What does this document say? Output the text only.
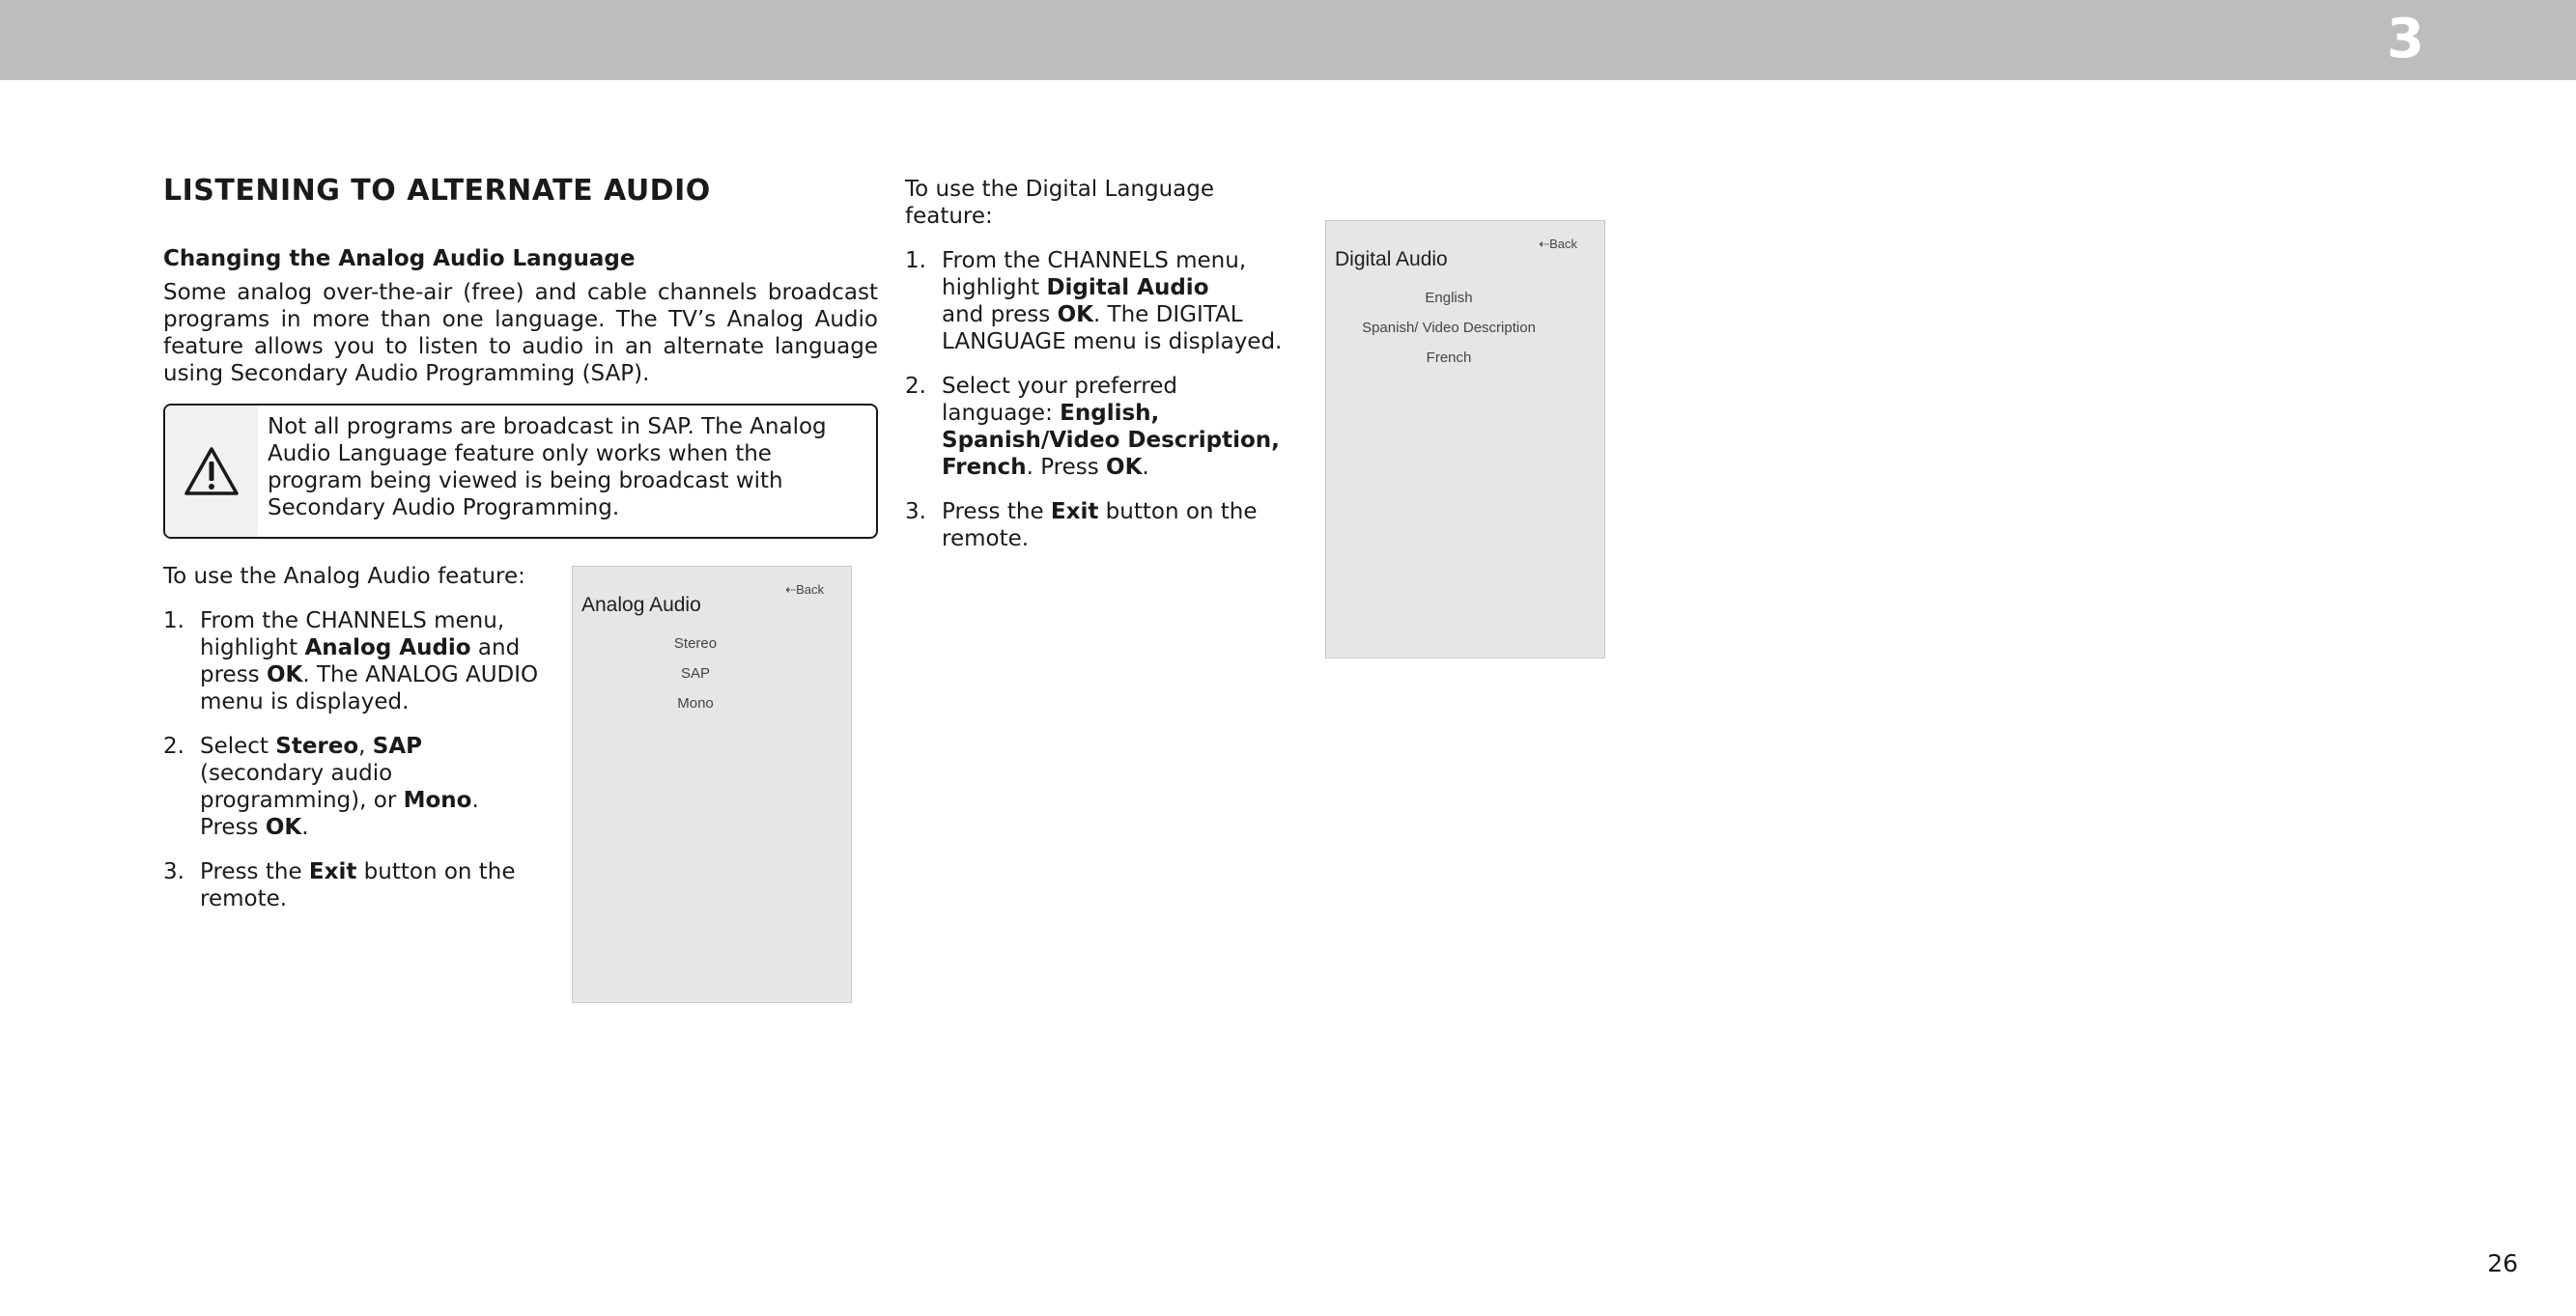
3
LISTENING TO ALTERNATE AUDIO
Changing the Analog Audio Language

Some analog over-the-air (free) and cable channels broadcast programs in more than one language. The TV’s Analog Audio feature allows you to listen to audio in an alternate language using Secondary Audio Programming (SAP).

Not all programs are broadcast in SAP. The Analog Audio Language feature only works when the program being viewed is being broadcast with Secondary Audio Programming.

To use the Analog Audio feature:

1. From the CHANNELS menu, highlight Analog Audio and press OK. The ANALOG AUDIO menu is displayed.
2. Select Stereo, SAP (secondary audio programming), or Mono. Press OK.
3. Press the Exit button on the remote.
⇠Back
Analog Audio
Stereo
SAP
Mono

To use the Digital Language feature:

1. From the CHANNELS menu, highlight Digital Audio
and press OK. The DIGITAL LANGUAGE menu is displayed.
2. Select your preferred language: English, Spanish/Video Description, French. Press OK.
3. Press the Exit button on the remote.
⇠Back
Digital Audio
English
Spanish/ Video Description
French
26
